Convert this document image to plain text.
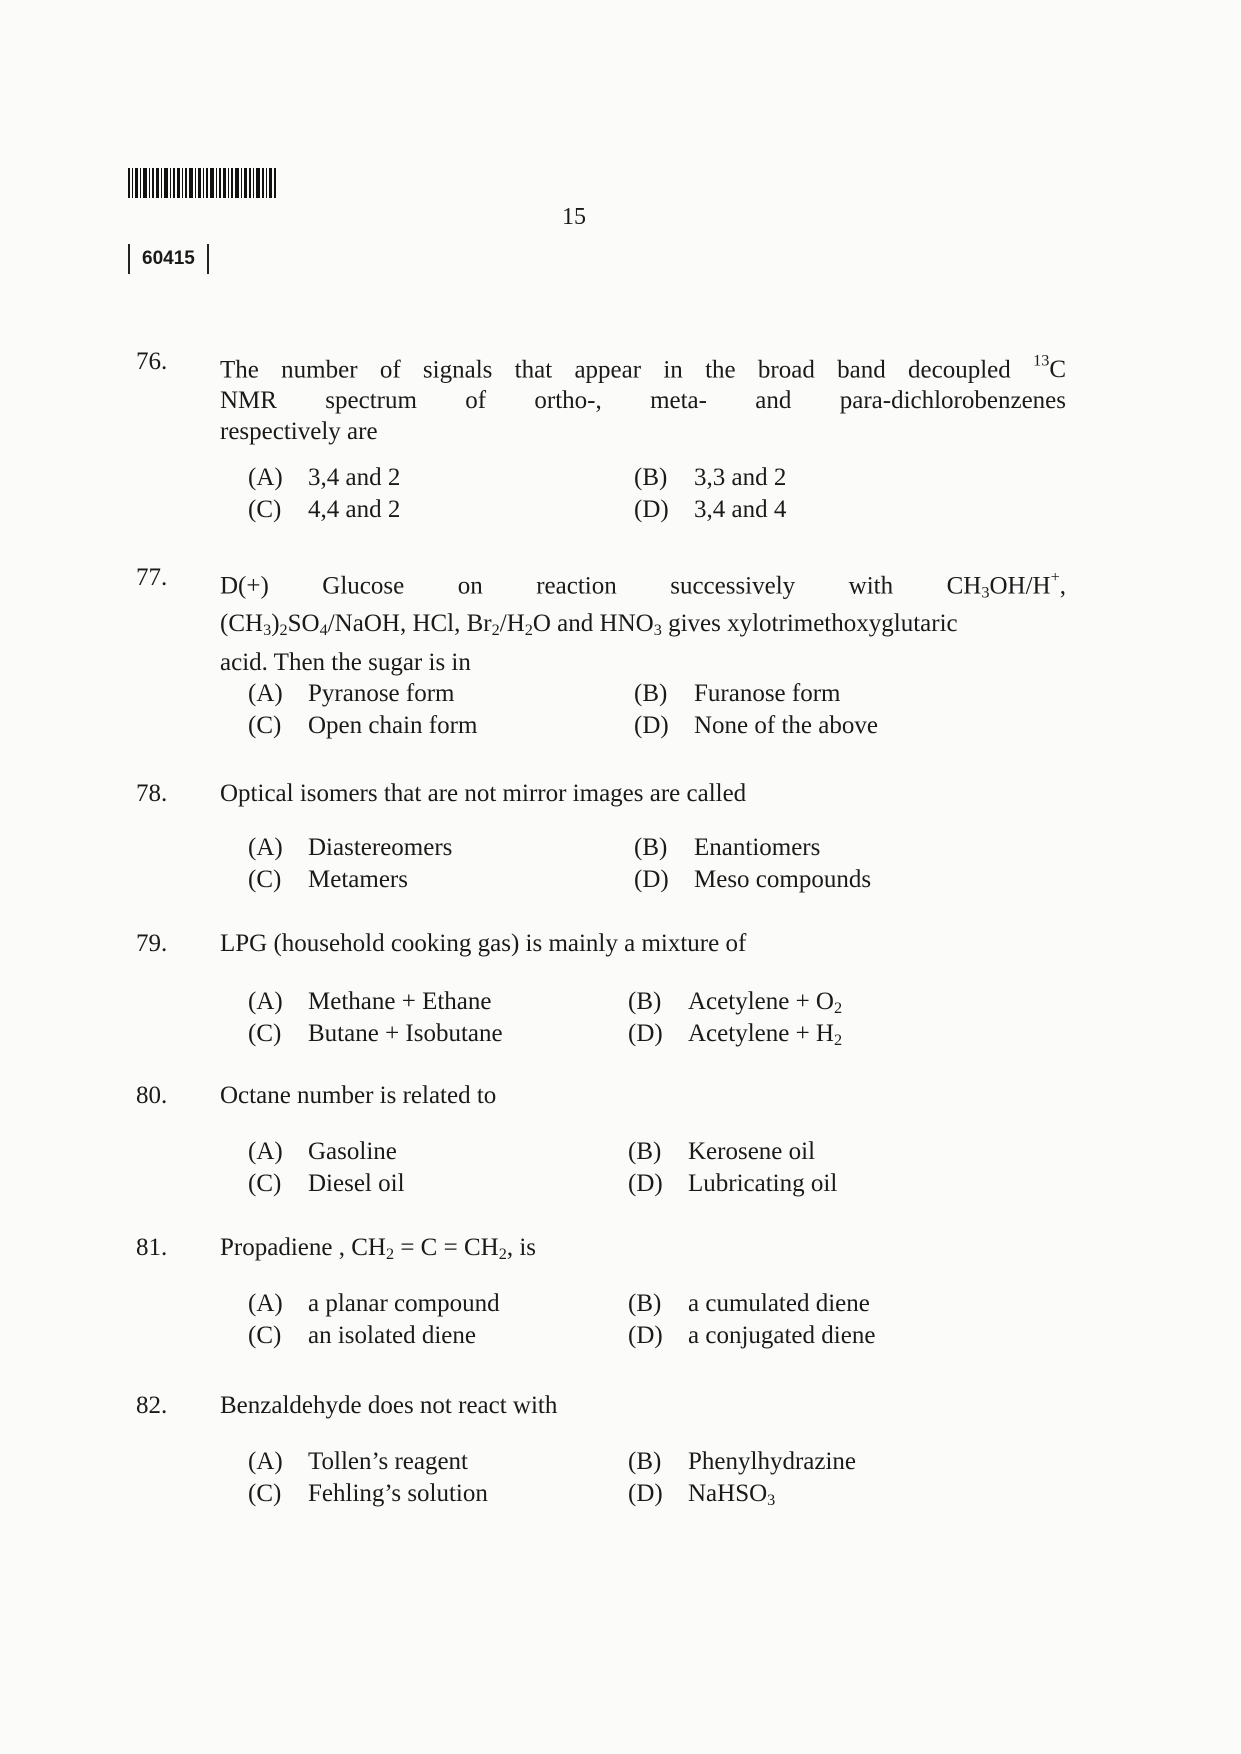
15
60415
76. The number of signals that appear in the broad band decoupled $^{13}$C
NMR spectrum of ortho-, meta- and para-dichlorobenzenes
respectively are
(A) 3,4 and 2	(B) 3,3 and 2
(C) 4,4 and 2	(D) 3,4 and 4
77. D(+) Glucose on reaction successively with $CH_3OH/H^+$,
$(CH_3)_2SO_4$/NaOH, HCl, $Br_2/H_2O$ and $HNO_3$ gives xylotrimethoxyglutaric
acid. Then the sugar is in
(A) Pyranose form	(B) Furanose form
(C) Open chain form	(D) None of the above
78. Optical isomers that are not mirror images are called
(A) Diastereomers	(B) Enantiomers
(C) Metamers	(D) Meso compounds
79. LPG (household cooking gas) is mainly a mixture of
(A) Methane + Ethane	(B) Acetylene + $O_2$
(C) Butane + Isobutane	(D) Acetylene + $H_2$
80. Octane number is related to
(A) Gasoline	(B) Kerosene oil
(C) Diesel oil	(D) Lubricating oil
81. Propadiene , $CH_2 = C = CH_2$, is
(A) a planar compound	(B) a cumulated diene
(C) an isolated diene	(D) a conjugated diene
82. Benzaldehyde does not react with
(A) Tollen’s reagent	(B) Phenylhydrazine
(C) Fehling’s solution	(D) NaHSO$_3$
